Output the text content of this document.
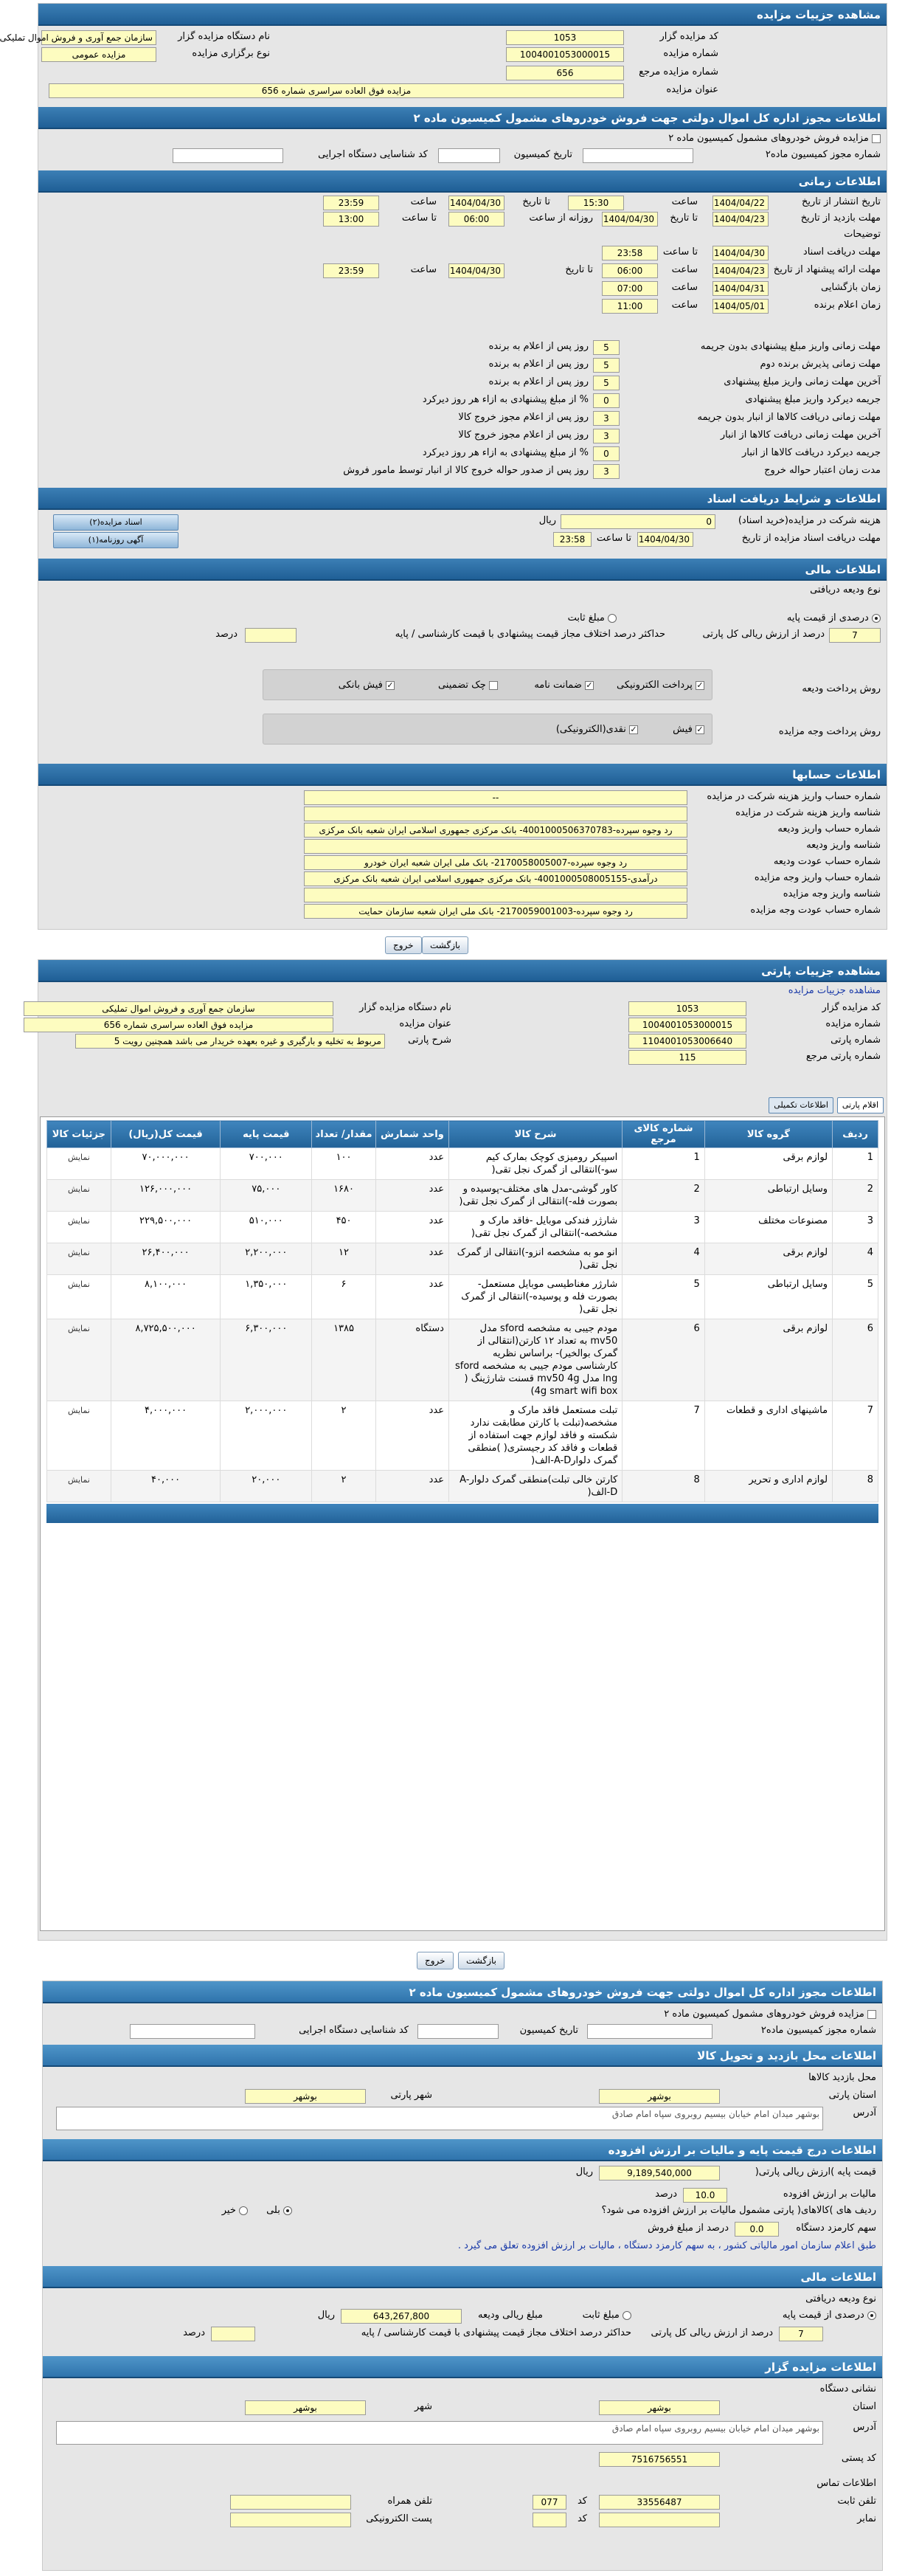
مشاهده جزییات مزایده
کد مزایده گزار
1053
نام دستگاه مزایده گزار
سازمان جمع آوری و فروش اموال تملیکی
شماره مزایده
1004001053000015
نوع برگزاری مزایده
مزایده عمومی
شماره مزایده مرجع
656
عنوان مزایده
مزایده فوق العاده سراسری شماره 656
اطلاعات مجوز اداره کل اموال دولتی جهت فروش خودروهای مشمول کمیسیون ماده ۲
مزایده فروش خودروهای مشمول کمیسیون ماده ۲
شماره مجوز کمیسیون ماده۲
تاریخ کمیسیون
کد شناسایی دستگاه اجرایی
اطلاعات زمانی
تاریخ انتشار از تاریخ
1404/04/22
ساعت
15:30
تا تاریخ
1404/04/30
ساعت
23:59
مهلت بازدید از تاریخ
1404/04/23
تا تاریخ
1404/04/30
روزانه از ساعت
06:00
تا ساعت
13:00
توضیحات
مهلت دریافت اسناد
1404/04/30
تا ساعت
23:58
مهلت ارائه پیشنهاد از تاریخ
1404/04/23
ساعت
06:00
تا تاریخ
1404/04/30
ساعت
23:59
زمان بازگشایی
1404/04/31
ساعت
07:00
زمان اعلام برنده
1404/05/01
ساعت
11:00
مهلت زمانی واریز مبلغ پیشنهادی بدون جریمه
5
روز پس از اعلام به برنده
مهلت زمانی پذیرش برنده دوم
5
روز پس از اعلام به برنده
آخرین مهلت زمانی واریز مبلغ پیشنهادی
5
روز پس از اعلام به برنده
جریمه دیرکرد واریز مبلغ پیشنهادی
0
% از مبلغ پیشنهادی به ازاء هر روز دیرکرد
مهلت زمانی دریافت کالاها از انبار بدون جریمه
3
روز پس از اعلام مجوز خروج کالا
آخرین مهلت زمانی دریافت کالاها از انبار
3
روز پس از اعلام مجوز خروج کالا
جریمه دیرکرد دریافت کالاها از انبار
0
% از مبلغ پیشنهادی به ازاء هر روز دیرکرد
مدت زمان اعتبار حواله خروج
3
روز پس از صدور حواله خروج کالا از انبار توسط مامور فروش
اطلاعات و شرایط دریافت اسناد
هزینه شرکت در مزایده(خرید اسناد)
0
ریال
اسناد مزایده(۲)
مهلت دریافت اسناد مزایده از تاریخ
1404/04/30
تا ساعت
23:58
آگهی روزنامه(۱)
اطلاعات مالی
نوع ودیعه دریافتی
درصدی از قیمت پایه
مبلغ ثابت
7
درصد از ارزش ریالی کل پارتی
حداکثر درصد اختلاف مجاز قیمت پیشنهادی با قیمت کارشناسی / پایه
درصد
روش پرداخت ودیعه
✓ پرداخت الکترونیکی
✓ ضمانت نامه
چک تضمینی
✓ فیش بانکی
روش پرداخت وجه مزایده
✓ فیش
✓ نقدی(الکترونیکی)
اطلاعات حسابها
شماره حساب واریز هزینه شرکت در مزایده
--
شناسه واریز هزینه شرکت در مزایده
شماره حساب واریز ودیعه
رد وجوه سپرده-4001000506370783- بانک مرکزی جمهوری اسلامی ایران شعبه بانک مرکزی
شناسه واریز ودیعه
شماره حساب عودت ودیعه
رد وجوه سپرده-2170058005007- بانک ملی ایران شعبه ایران خودرو
شماره حساب واریز وجه مزایده
درآمدی-4001000508005155- بانک مرکزی جمهوری اسلامی ایران شعبه بانک مرکزی
شناسه واریز وجه مزایده
شماره حساب عودت وجه مزایده
رد وجوه سپرده-2170059001003- بانک ملی ایران شعبه سازمان حمایت
بازگشت
خروج
مشاهده جزییات پارتی
مشاهده جزییات مزایده
کد مزایده گزار
1053
نام دستگاه مزایده گزار
سازمان جمع آوری و فروش اموال تملیکی
شماره مزایده
1004001053000015
عنوان مزایده
مزایده فوق العاده سراسری شماره 656
شماره پارتی
1104001053006640
شرح پارتی
مربوط به تخلیه و بارگیری و غیره بعهده خریدار می باشد همچنین رویت 5
شماره پارتی مرجع
115
اقلام پارتی
اطلاعات تکمیلی
ردیف	گروه کالا	شماره کالای مرجع	شرح کالا	واحد شمارش	مقدار/ تعداد	قیمت پایه	قیمت کل(ریال)	جزئیات کالا
1	لوازم برقی	1	اسپیکر رومیزی کوچک بمارک کیم سو-)انتقالی از گمرک نجل تقی(	عدد	۱۰۰	۷۰۰,۰۰۰	۷۰,۰۰۰,۰۰۰	نمایش
2	وسایل ارتباطی	2	کاور گوشی-مدل های مختلف-پوسیده و بصورت فله-)انتقالی از گمرک نجل تقی(	عدد	۱۶۸۰	۷۵,۰۰۰	۱۲۶,۰۰۰,۰۰۰	نمایش
3	مصنوعات مختلف	3	شارژر فندکی موبایل -فاقد مارک و مشخصه-)انتقالی از گمرک نجل تقی(	عدد	۴۵۰	۵۱۰,۰۰۰	۲۲۹,۵۰۰,۰۰۰	نمایش
4	لوازم برقی	4	انو مو به مشخصه انزو-)انتقالی از گمرک نجل تقی(	عدد	۱۲	۲,۲۰۰,۰۰۰	۲۶,۴۰۰,۰۰۰	نمایش
5	وسایل ارتباطی	5	شارژر مغناطیسی موبایل مستعمل-بصورت فله و پوسیده-)انتقالی از گمرک نجل تقی(	عدد	۶	۱,۳۵۰,۰۰۰	۸,۱۰۰,۰۰۰	نمایش
6	لوازم برقی	6	مودم جیبی به مشخصه sford مدل mv50 به تعداد ۱۲ کارتن(انتقالی از گمرک بوالخیر)- براساس نظریه کارشناسی مودم جیبی به مشخصه sford lng مدل mv50 4g قسنت شارژینگ ( 4g smart wifi box)	دستگاه	۱۳۸۵	۶,۳۰۰,۰۰۰	۸,۷۲۵,۵۰۰,۰۰۰	نمایش
7	ماشینهای اداری و قطعات	7	تبلت مستعمل فاقد مارک و مشخصه(تبلت با کارتن مطابقت ندارد شکسته و فاقد لوازم جهت استفاده از قطعات و فاقد کد رجیستری( )منطقی گمرک دلوارA-D-الف(	عدد	۲	۲,۰۰۰,۰۰۰	۴,۰۰۰,۰۰۰	نمایش
8	لوازم اداری و تحریر	8	کارتن خالی تبلت)منطقی گمرک دلوارA-D-الف(	عدد	۲	۲۰,۰۰۰	۴۰,۰۰۰	نمایش
بازگشت
خروج
اطلاعات مجوز اداره کل اموال دولتی جهت فروش خودروهای مشمول کمیسیون ماده ۲
مزایده فروش خودروهای مشمول کمیسیون ماده ۲
شماره مجوز کمیسیون ماده۲
تاریخ کمیسیون
کد شناسایی دستگاه اجرایی
اطلاعات محل بازدید و تحویل کالا
محل بازدید کالاها
استان پارتی
بوشهر
شهر پارتی
بوشهر
آدرس
بوشهر میدان امام خیابان بیسیم روبروی سپاه امام صادق
اطلاعات درج قیمت پایه و مالیات بر ارزش افزوده
قیمت پایه )ارزش ریالی پارتی(
9,189,540,000
ریال
مالیات بر ارزش افزوده
10.0
درصد
ردیف های )کالاهای( پارتی مشمول مالیات بر ارزش افزوده می شود؟
بلی
خیر
سهم کارمزد دستگاه
0.0
درصد از مبلغ فروش
طبق اعلام سازمان امور مالیاتی کشور ، به سهم کارمزد دستگاه ، مالیات بر ارزش افزوده تعلق می گیرد .
اطلاعات مالی
نوع ودیعه دریافتی
درصدی از قیمت پایه
مبلغ ثابت
مبلغ ریالی ودیعه
643,267,800
ریال
7
درصد از ارزش ریالی کل پارتی
حداکثر درصد اختلاف مجاز قیمت پیشنهادی با قیمت کارشناسی / پایه
درصد
اطلاعات مزایده گزار
نشانی دستگاه
استان
بوشهر
شهر
بوشهر
آدرس
بوشهر میدان امام خیابان بیسیم روبروی سپاه امام صادق
کد پستی
7516756551
اطلاعات تماس
تلفن ثابت
33556487
کد
077
نمابر
کد
تلفن همراه
پست الکترونیکی
